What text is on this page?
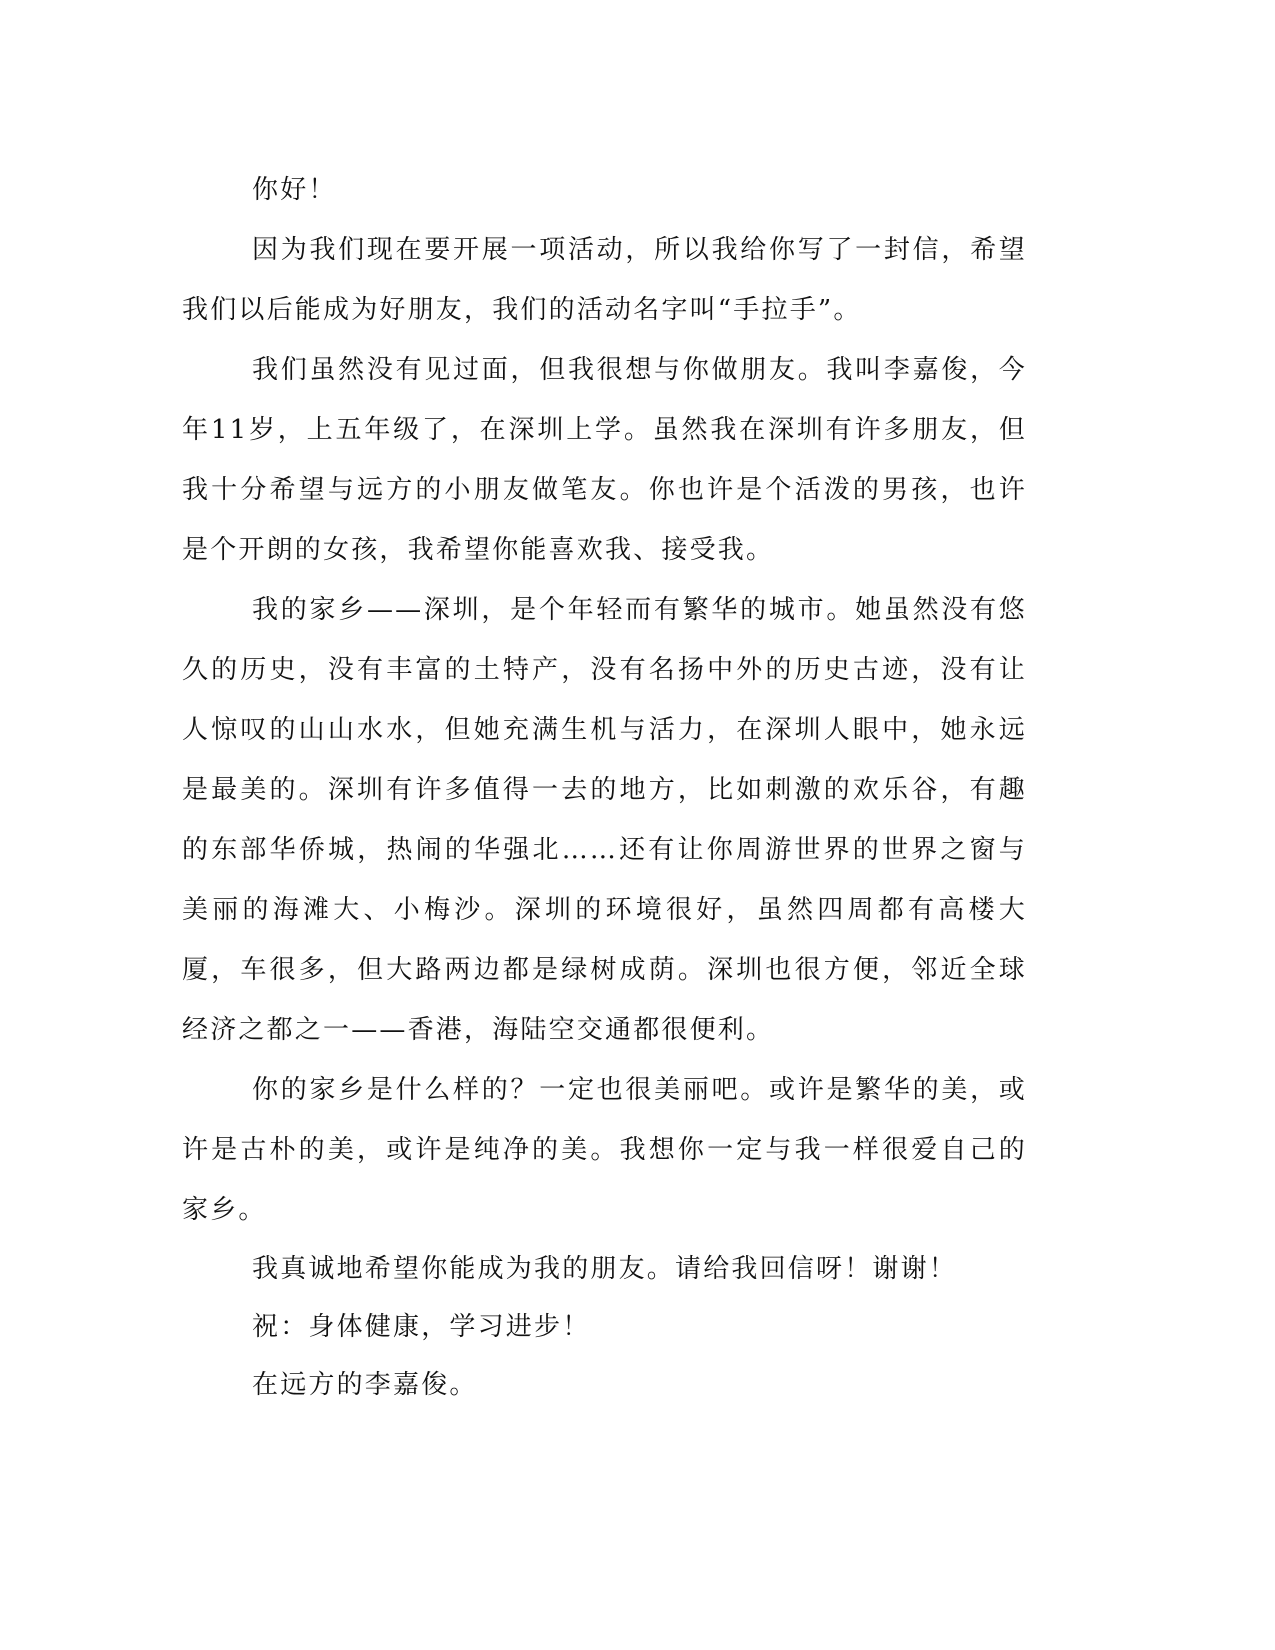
你好！

因为我们现在要开展一项活动，所以我给你写了一封信，希望我们以后能成为好朋友，我们的活动名字叫“手拉手”。

我们虽然没有见过面，但我很想与你做朋友。我叫李嘉俊，今年11岁，上五年级了，在深圳上学。虽然我在深圳有许多朋友，但我十分希望与远方的小朋友做笔友。你也许是个活泼的男孩，也许是个开朗的女孩，我希望你能喜欢我、接受我。

我的家乡——深圳，是个年轻而有繁华的城市。她虽然没有悠久的历史，没有丰富的土特产，没有名扬中外的历史古迹，没有让人惊叹的山山水水，但她充满生机与活力，在深圳人眼中，她永远是最美的。深圳有许多值得一去的地方，比如刺激的欢乐谷，有趣的东部华侨城，热闹的华强北……还有让你周游世界的世界之窗与美丽的海滩大、小梅沙。深圳的环境很好，虽然四周都有高楼大厦，车很多，但大路两边都是绿树成荫。深圳也很方便，邻近全球经济之都之一——香港，海陆空交通都很便利。

你的家乡是什么样的？一定也很美丽吧。或许是繁华的美，或许是古朴的美，或许是纯净的美。我想你一定与我一样很爱自己的家乡。

我真诚地希望你能成为我的朋友。请给我回信呀！谢谢！

祝：身体健康，学习进步！

在远方的李嘉俊。
